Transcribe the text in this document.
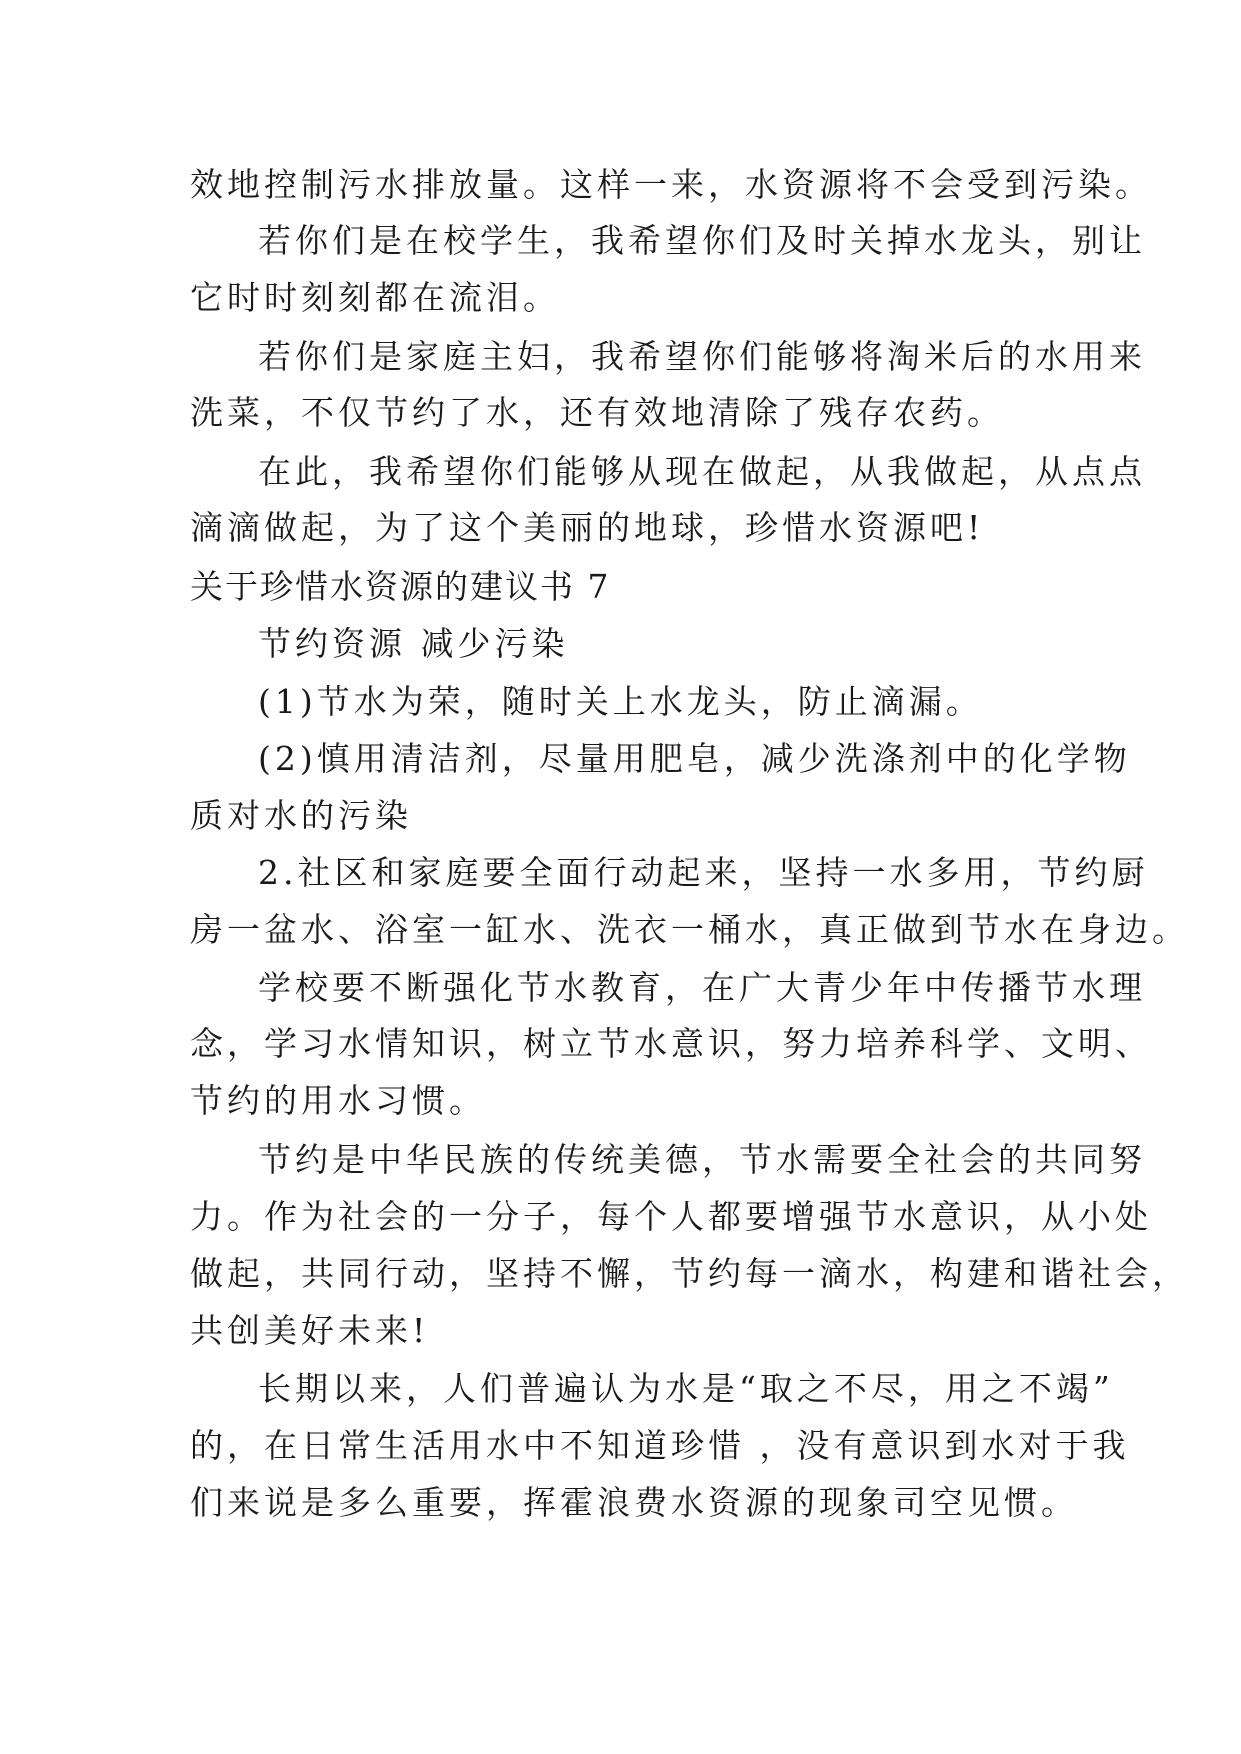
效地控制污水排放量。这样一来，水资源将不会受到污染。
若你们是在校学生，我希望你们及时关掉水龙头，别让
它时时刻刻都在流泪。
若你们是家庭主妇，我希望你们能够将淘米后的水用来
洗菜，不仅节约了水，还有效地清除了残存农药。
在此，我希望你们能够从现在做起，从我做起，从点点
滴滴做起，为了这个美丽的地球，珍惜水资源吧!
关于珍惜水资源的建议书 7
节约资源 减少污染
(1)节水为荣，随时关上水龙头，防止滴漏。
(2)慎用清洁剂，尽量用肥皂，减少洗涤剂中的化学物
质对水的污染
2.社区和家庭要全面行动起来，坚持一水多用，节约厨
房一盆水、浴室一缸水、洗衣一桶水，真正做到节水在身边。
学校要不断强化节水教育，在广大青少年中传播节水理
念，学习水情知识，树立节水意识，努力培养科学、文明、
节约的用水习惯。
节约是中华民族的传统美德，节水需要全社会的共同努
力。作为社会的一分子，每个人都要增强节水意识，从小处
做起，共同行动，坚持不懈，节约每一滴水，构建和谐社会，
共创美好未来!
长期以来，人们普遍认为水是“取之不尽，用之不竭”
的，在日常生活用水中不知道珍惜 ，没有意识到水对于我
们来说是多么重要，挥霍浪费水资源的现象司空见惯。
